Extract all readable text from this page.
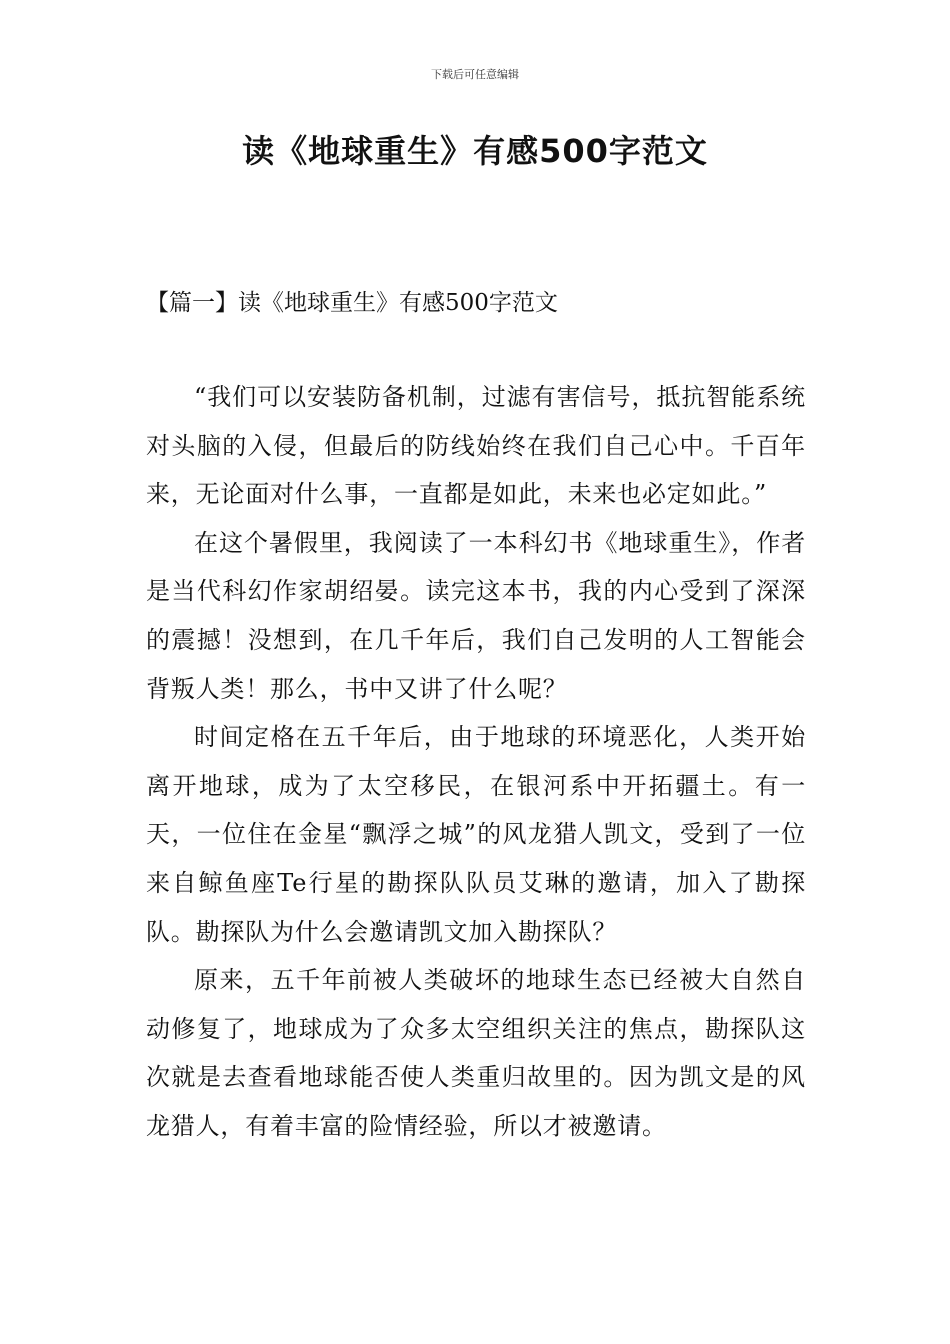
下载后可任意编辑
读《地球重生》有感500字范文
【篇一】读《地球重生》有感500字范文

“我们可以安装防备机制，过滤有害信号，抵抗智能系统对头脑的入侵，但最后的防线始终在我们自己心中。千百年来，无论面对什么事，一直都是如此，未来也必定如此。”

在这个暑假里，我阅读了一本科幻书《地球重生》，作者是当代科幻作家胡绍晏。读完这本书，我的内心受到了深深的震撼！没想到，在几千年后，我们自己发明的人工智能会背叛人类！那么，书中又讲了什么呢？

时间定格在五千年后，由于地球的环境恶化，人类开始离开地球，成为了太空移民，在银河系中开拓疆土。有一天，一位住在金星“飘浮之城”的风龙猎人凯文，受到了一位来自鲸鱼座Te行星的勘探队队员艾琳的邀请，加入了勘探队。勘探队为什么会邀请凯文加入勘探队？

原来，五千年前被人类破坏的地球生态已经被大自然自动修复了，地球成为了众多太空组织关注的焦点，勘探队这次就是去查看地球能否使人类重归故里的。因为凯文是的风龙猎人，有着丰富的险情经验，所以才被邀请。
